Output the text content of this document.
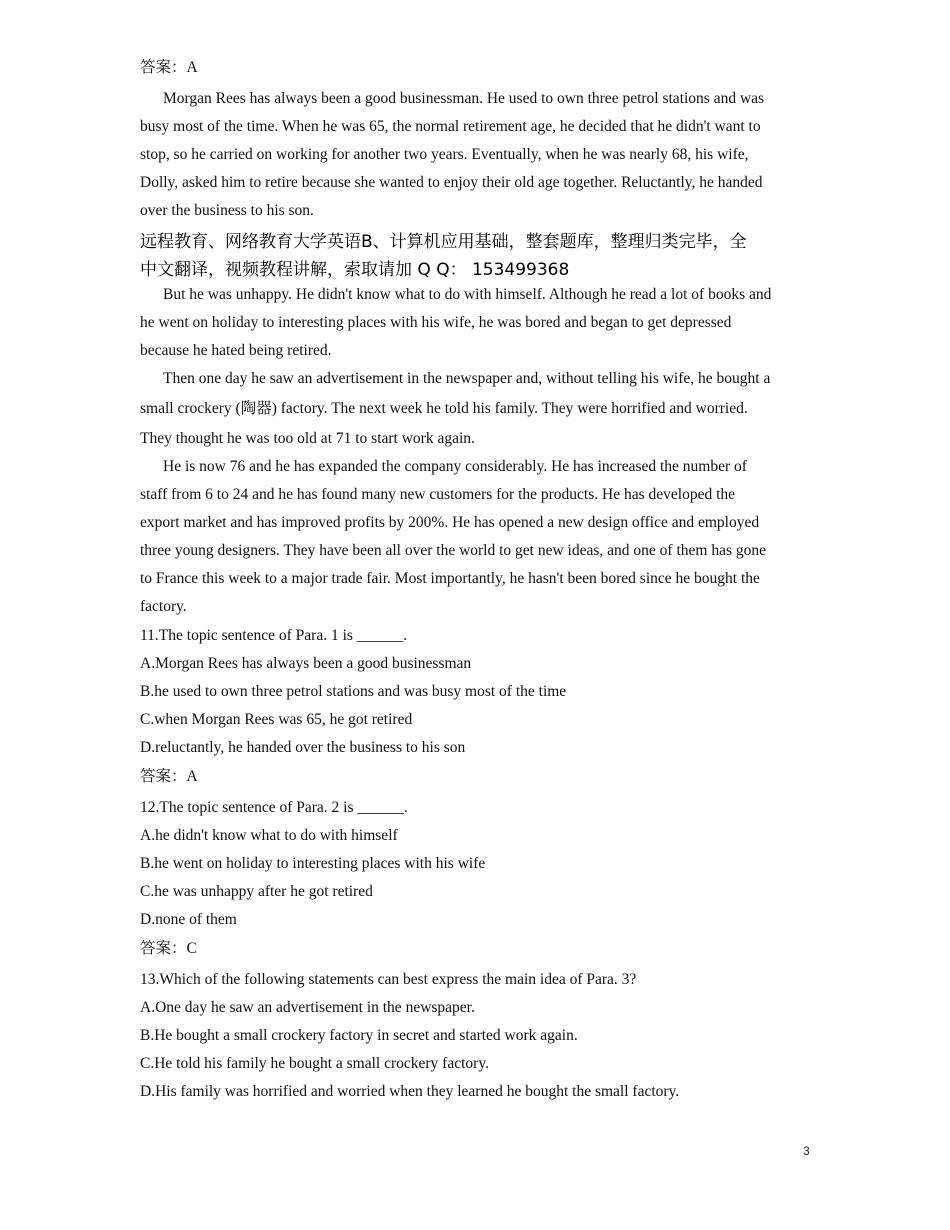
答案：A
Morgan Rees has always been a good businessman. He used to own three petrol stations and was
busy most of the time. When he was 65, the normal retirement age, he decided that he didn't want to
stop, so he carried on working for another two years. Eventually, when he was nearly 68, his wife,
Dolly, asked him to retire because she wanted to enjoy their old age together. Reluctantly, he handed
over the business to his son.
远程教育、网络教育大学英语B、计算机应用基础，整套题库，整理归类完毕，全
中文翻译，视频教程讲解，索取请加 Q Q： 153499368
But he was unhappy. He didn't know what to do with himself. Although he read a lot of books and
he went on holiday to interesting places with his wife, he was bored and began to get depressed
because he hated being retired.
Then one day he saw an advertisement in the newspaper and, without telling his wife, he bought a
small crockery (陶器) factory. The next week he told his family. They were horrified and worried.
They thought he was too old at 71 to start work again.
He is now 76 and he has expanded the company considerably. He has increased the number of
staff from 6 to 24 and he has found many new customers for the products. He has developed the
export market and has improved profits by 200%. He has opened a new design office and employed
three young designers. They have been all over the world to get new ideas, and one of them has gone
to France this week to a major trade fair. Most importantly, he hasn't been bored since he bought the
factory.
11.The topic sentence of Para. 1 is ______.
A.Morgan Rees has always been a good businessman
B.he used to own three petrol stations and was busy most of the time
C.when Morgan Rees was 65, he got retired
D.reluctantly, he handed over the business to his son
答案：A
12.The topic sentence of Para. 2 is ______.
A.he didn't know what to do with himself
B.he went on holiday to interesting places with his wife
C.he was unhappy after he got retired
D.none of them
答案：C
13.Which of the following statements can best express the main idea of Para. 3?
A.One day he saw an advertisement in the newspaper.
B.He bought a small crockery factory in secret and started work again.
C.He told his family he bought a small crockery factory.
D.His family was horrified and worried when they learned he bought the small factory.
3
